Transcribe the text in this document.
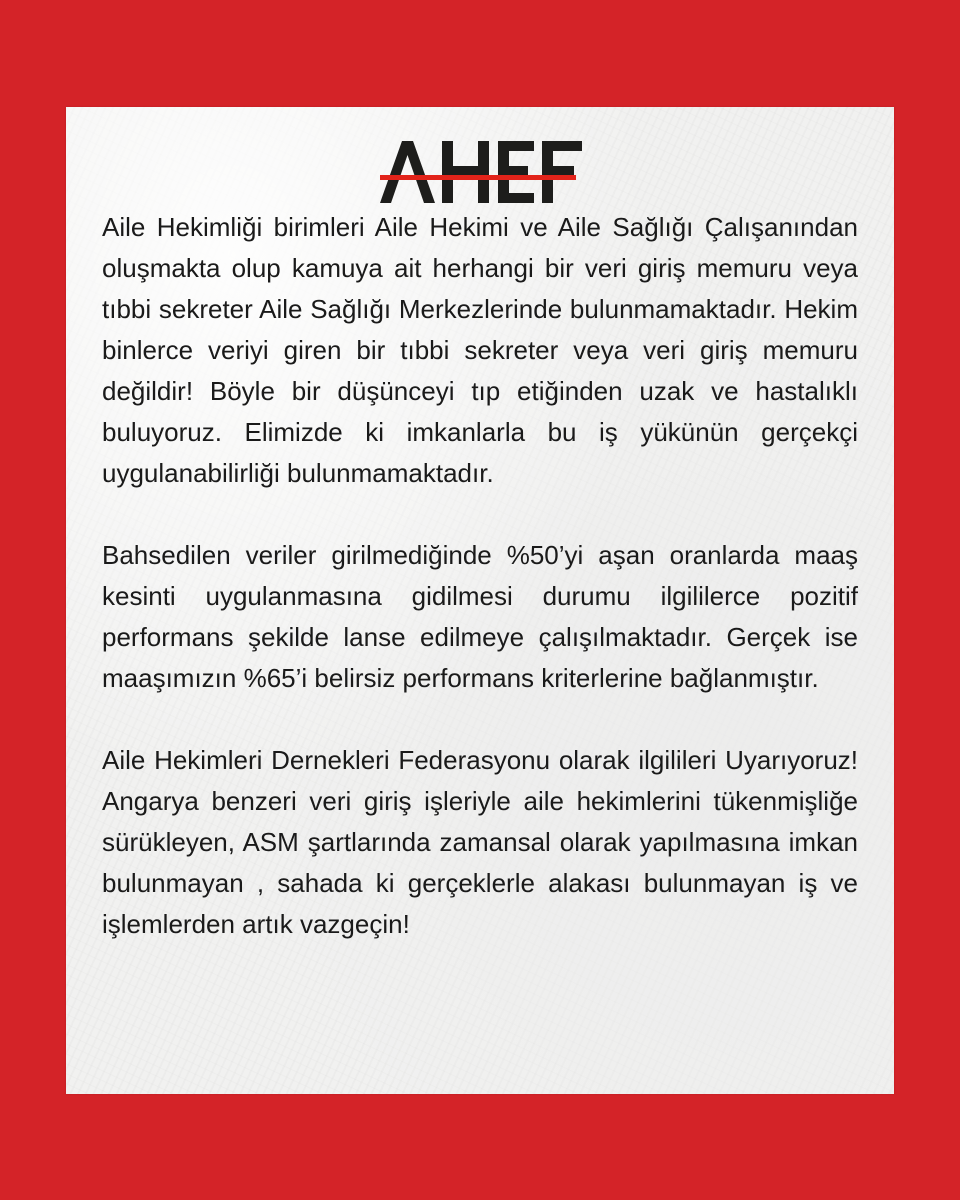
Aile Hekimliği birimleri Aile Hekimi ve Aile Sağlığı Çalışanından oluşmakta olup kamuya ait herhangi bir veri giriş memuru veya tıbbi sekreter Aile Sağlığı Merkezlerinde bulunmamaktadır. Hekim binlerce veriyi giren bir tıbbi sekreter veya veri giriş memuru değildir! Böyle bir düşünceyi tıp etiğinden uzak ve hastalıklı buluyoruz. Elimizde ki imkanlarla bu iş yükünün gerçekçi uygulanabilirliği bulunmamaktadır.

Bahsedilen veriler girilmediğinde %50’yi aşan oranlarda maaş kesinti uygulanmasına gidilmesi durumu ilgililerce pozitif performans şekilde lanse edilmeye çalışılmaktadır. Gerçek ise maaşımızın %65’i belirsiz performans kriterlerine bağlanmıştır.

Aile Hekimleri Dernekleri Federasyonu olarak ilgilileri Uyarıyoruz! Angarya benzeri veri giriş işleriyle aile hekimlerini tükenmişliğe sürükleyen, ASM şartlarında zamansal olarak yapılmasına imkan bulunmayan , sahada ki gerçeklerle alakası bulunmayan iş ve işlemlerden artık vazgeçin!
